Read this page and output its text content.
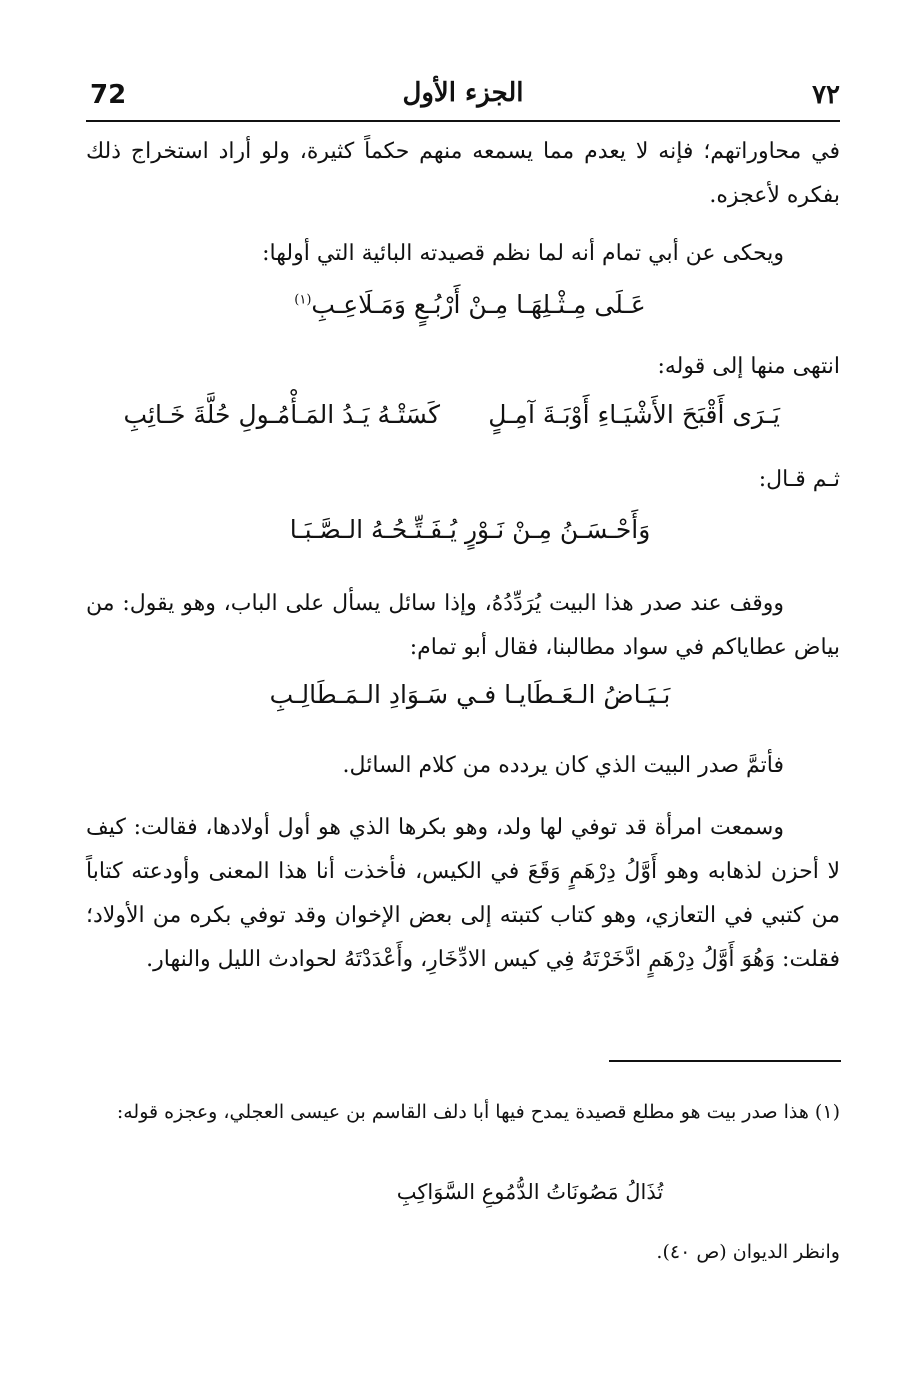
72	الجزء الأول	٧٢
في محاوراتهم؛ فإنه لا يعدم مما يسمعه منهم حكماً كثيرة، ولو أراد استخراج ذلك بفكره لأعجزه.
ويحكى عن أبي تمام أنه لما نظم قصيدته البائية التي أولها:
عَـلَى مِـثْـلِهَـا مِـنْ أَرْبُـعٍ وَمَـلَاعِـبِ$^{(١)}$
انتهى منها إلى قوله:
يَـرَى أَقْبَحَ الأَشْيَـاءِ أَوْبَـةَ آمِـلٍ
كَسَتْـهُ يَـدُ المَـأْمُـولِ حُلَّةَ خَـائِبِ
ثـم قـال:
وَأَحْـسَـنُ مِـنْ نَـوْرٍ يُـفَـتِّـحُـهُ الـصَّـبَـا
ووقف عند صدر هذا البيت يُرَدِّدُهُ، وإذا سائل يسأل على الباب، وهو يقول: من بياض عطاياكم في سواد مطالبنا، فقال أبو تمام:
بَـيَـاضُ الـعَـطَايـا فـي سَـوَادِ الـمَـطَالِـبِ
فأتمَّ صدر البيت الذي كان يردده من كلام السائل.
وسمعت امرأة قد توفي لها ولد، وهو بكرها الذي هو أول أولادها، فقالت: كيف لا أحزن لذهابه وهو أَوَّلُ دِرْهَمٍ وَقَعَ في الكيس، فأخذت أنا هذا المعنى وأودعته كتاباً من كتبي في التعازي، وهو كتاب كتبته إلى بعض الإخوان وقد توفي بكره من الأولاد؛ فقلت: وَهُوَ أَوَّلُ دِرْهَمٍ ادَّخَرْتَهُ فِي كيس الادِّخَارِ، وأَعْدَدْتَهُ لحوادث الليل والنهار.
(١) هذا صدر بيت هو مطلع قصيدة يمدح فيها أبا دلف القاسم بن عيسى العجلي، وعجزه قوله:
تُذَالُ مَصُونَاتُ الدُّمُوعِ السَّوَاكِبِ
وانظر الديوان (ص ٤٠).
